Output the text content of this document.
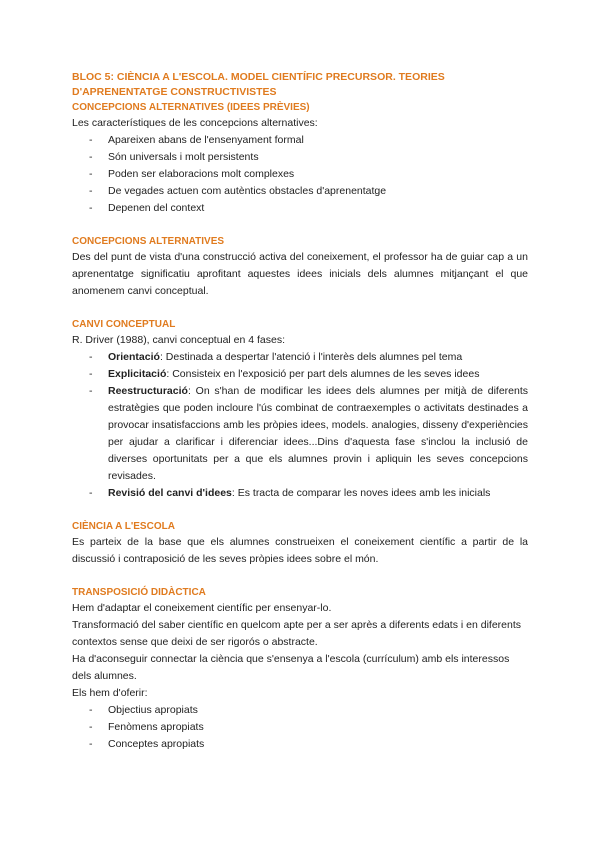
BLOC 5: CIÈNCIA A L'ESCOLA. MODEL CIENTÍFIC PRECURSOR. TEORIES D'APRENENTATGE CONSTRUCTIVISTES

CONCEPCIONS ALTERNATIVES (IDEES PRÈVIES)

Les característiques de les concepcions alternatives:

- Apareixen abans de l'ensenyament formal
- Són universals i molt persistents
- Poden ser elaboracions molt complexes
- De vegades actuen com autèntics obstacles d'aprenentatge
- Depenen del context

CONCEPCIONS ALTERNATIVES

Des del punt de vista d'una construcció activa del coneixement, el professor ha de guiar cap a un aprenentatge significatiu aprofitant aquestes idees inicials dels alumnes mitjançant el que anomenem canvi conceptual.

CANVI CONCEPTUAL

R. Driver (1988), canvi conceptual en 4 fases:

- Orientació: Destinada a despertar l'atenció i l'interès dels alumnes pel tema
- Explicitació: Consisteix en l'exposició per part dels alumnes de les seves idees
- Reestructuració: On s'han de modificar les idees dels alumnes per mitjà de diferents estratègies que poden incloure l'ús combinat de contraexemples o activitats destinades a provocar insatisfaccions amb les pròpies idees, models. analogies, disseny d'experiències per ajudar a clarificar i diferenciar idees...Dins d'aquesta fase s'inclou la inclusió de diverses oportunitats per a que els alumnes provin i apliquin les seves concepcions revisades.
- Revisió del canvi d'idees: Es tracta de comparar les noves idees amb les inicials

CIÈNCIA A L'ESCOLA

Es parteix de la base que els alumnes construeixen el coneixement científic a partir de la discussió i contraposició de les seves pròpies idees sobre el món.

TRANSPOSICIÓ DIDÀCTICA

Hem d'adaptar el coneixement científic per ensenyar-lo.

Transformació del saber científic en quelcom apte per a ser après a diferents edats i en diferents contextos sense que deixi de ser rigorós o abstracte.

Ha d'aconseguir connectar la ciència que s'ensenya a l'escola (currículum) amb els interessos dels alumnes.

Els hem d'oferir:

- Objectius apropiats
- Fenòmens apropiats
- Conceptes apropiats
